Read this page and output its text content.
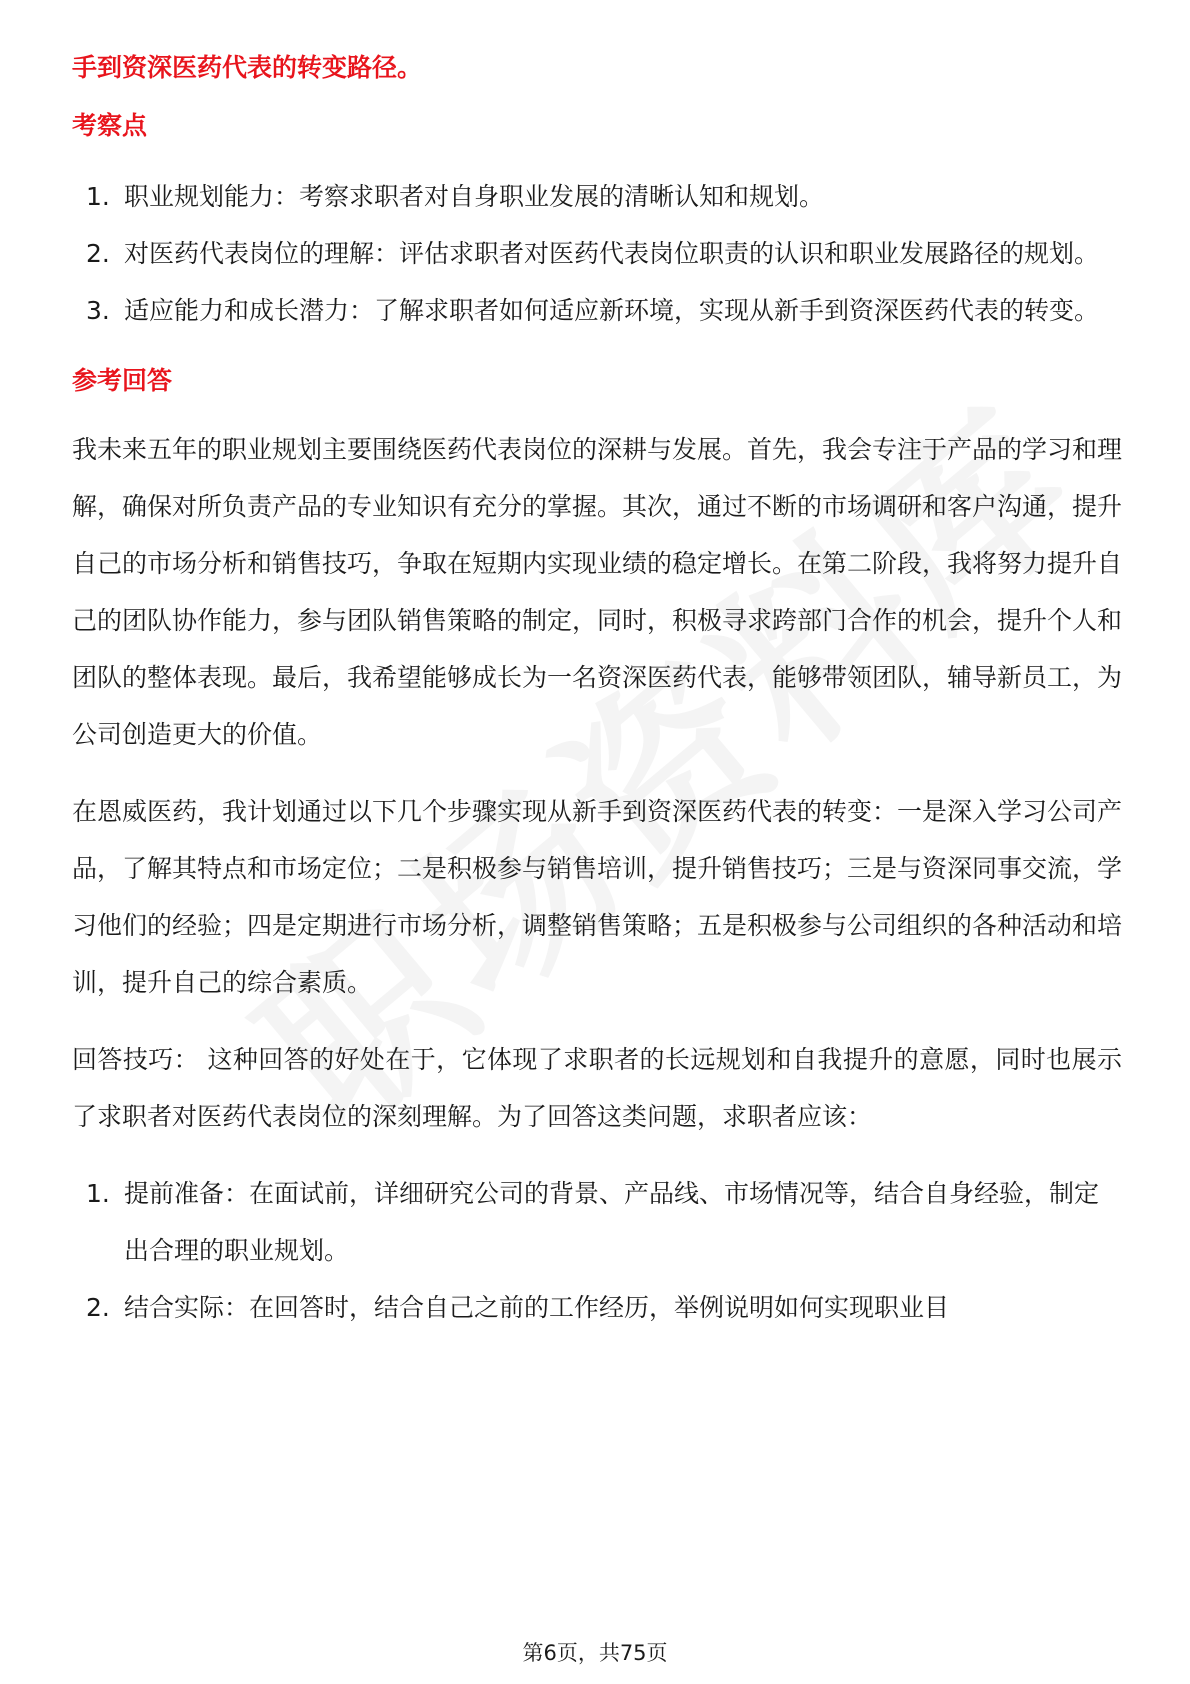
手到资深医药代表的转变路径。

考察点

1. 职业规划能力：考察求职者对自身职业发展的清晰认知和规划。
2. 对医药代表岗位的理解：评估求职者对医药代表岗位职责的认识和职业发展路径的规划。
3. 适应能力和成长潜力：了解求职者如何适应新环境，实现从新手到资深医药代表的转变。

参考回答

我未来五年的职业规划主要围绕医药代表岗位的深耕与发展。首先，我会专注于产品的学习和理解，确保对所负责产品的专业知识有充分的掌握。其次，通过不断的市场调研和客户沟通，提升自己的市场分析和销售技巧，争取在短期内实现业绩的稳定增长。在第二阶段，我将努力提升自己的团队协作能力，参与团队销售策略的制定，同时，积极寻求跨部门合作的机会，提升个人和团队的整体表现。最后，我希望能够成长为一名资深医药代表，能够带领团队，辅导新员工，为公司创造更大的价值。

在恩威医药，我计划通过以下几个步骤实现从新手到资深医药代表的转变：一是深入学习公司产品，了解其特点和市场定位；二是积极参与销售培训，提升销售技巧；三是与资深同事交流，学习他们的经验；四是定期进行市场分析，调整销售策略；五是积极参与公司组织的各种活动和培训，提升自己的综合素质。

回答技巧： 这种回答的好处在于，它体现了求职者的长远规划和自我提升的意愿，同时也展示了求职者对医药代表岗位的深刻理解。为了回答这类问题，求职者应该：

1. 提前准备：在面试前，详细研究公司的背景、产品线、市场情况等，结合自身经验，制定出合理的职业规划。
2. 结合实际：在回答时，结合自己之前的工作经历，举例说明如何实现职业目
第6页，共75页
